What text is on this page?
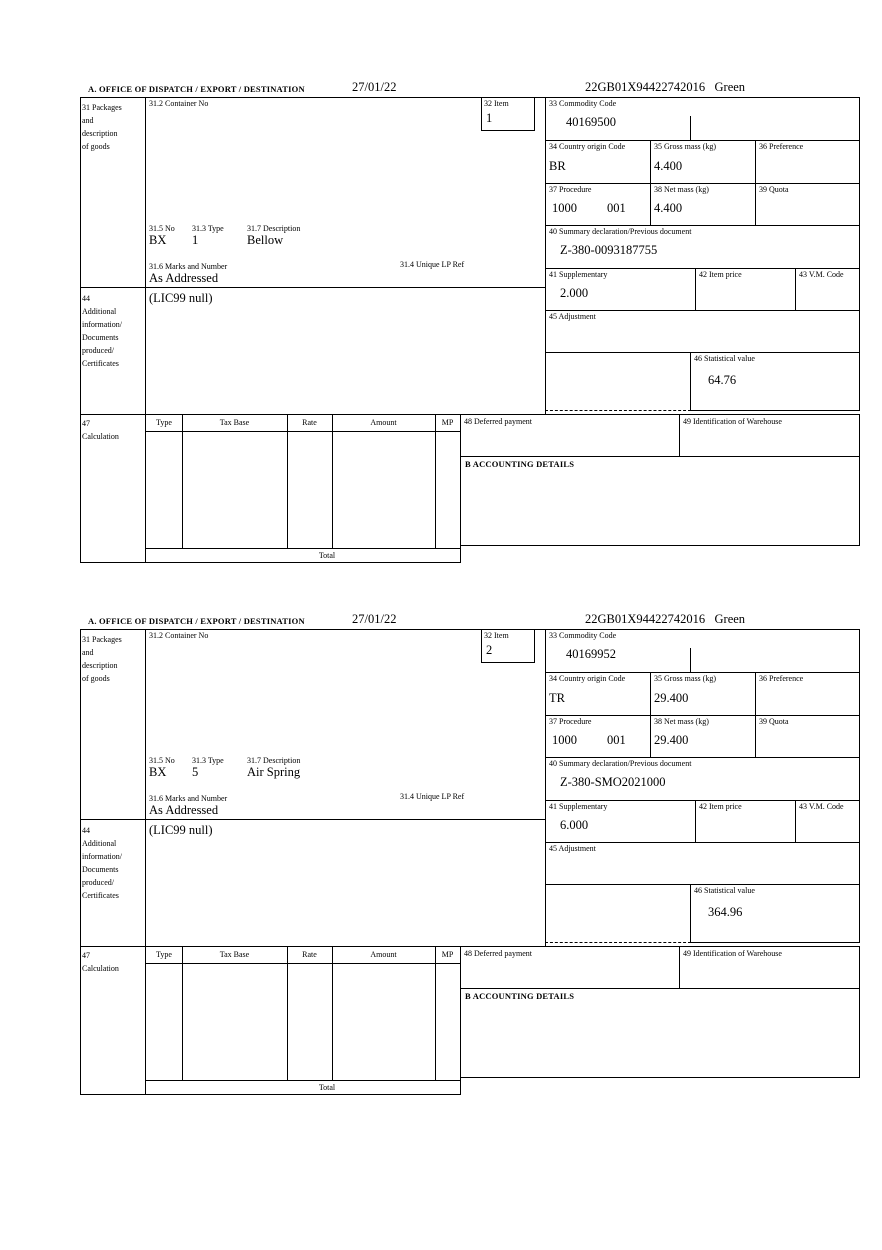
A. OFFICE OF DISPATCH / EXPORT / DESTINATION	27/01/22	22GB01X94422742016   Green
31 Packages
and
description
of goods
44
Additional
information/
Documents
produced/
Certificates
47
Calculation
31.2 Container No	32 Item
1
31.5 No 31.3 Type	31.7 Description
BX 1	Bellow
31.6 Marks and Number	31.4 Unique LP Ref
As Addressed
(LIC99 null)
33 Commodity Code
40169500
34 Country origin Code
BR
35 Gross mass (kg)
4.400
36 Preference
37 Procedure
1000 001
38 Net mass (kg)
4.400
39 Quota
40 Summary declaration/Previous document
Z-380-0093187755
41 Supplementary
2.000
42 Item price	43 V.M. Code
45 Adjustment
46 Statistical value
64.76
Type	Tax Base	Rate	Amount	MP
Total
48 Deferred payment	49 Identification of Warehouse
B ACCOUNTING DETAILS
A. OFFICE OF DISPATCH / EXPORT / DESTINATION	27/01/22	22GB01X94422742016   Green
31 Packages
and
description
of goods
44
Additional
information/
Documents
produced/
Certificates
47
Calculation
31.2 Container No	32 Item
2
31.5 No 31.3 Type	31.7 Description
BX 5	Air Spring
31.6 Marks and Number	31.4 Unique LP Ref
As Addressed
(LIC99 null)
33 Commodity Code
40169952
34 Country origin Code
TR
35 Gross mass (kg)
29.400
36 Preference
37 Procedure
1000 001
38 Net mass (kg)
29.400
39 Quota
40 Summary declaration/Previous document
Z-380-SMO2021000
41 Supplementary
6.000
42 Item price	43 V.M. Code
45 Adjustment
46 Statistical value
364.96
Type	Tax Base	Rate	Amount	MP
Total
48 Deferred payment	49 Identification of Warehouse
B ACCOUNTING DETAILS
